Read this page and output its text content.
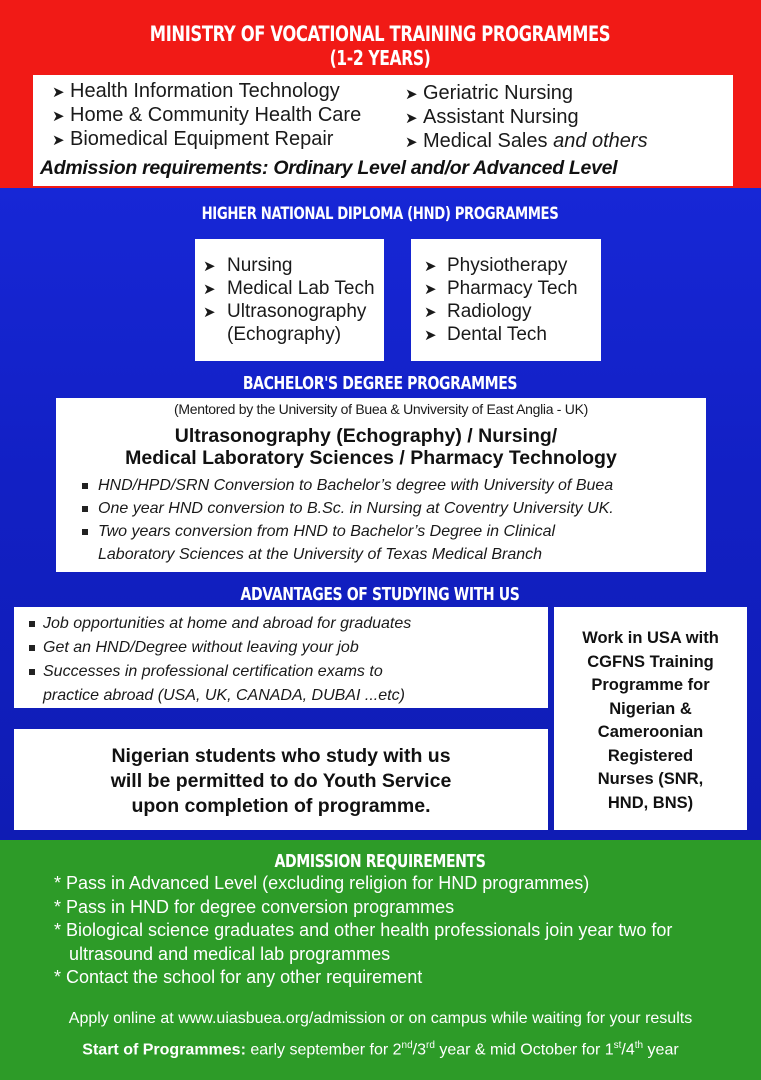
MINISTRY OF VOCATIONAL TRAINING PROGRAMMES
(1-2 YEARS)
➤ Health Information Technology
➤ Home & Community Health Care
➤ Biomedical Equipment Repair
➤ Geriatric Nursing
➤ Assistant Nursing
➤ Medical Sales and others
Admission requirements: Ordinary Level and/or Advanced Level
HIGHER NATIONAL DIPLOMA (HND) PROGRAMMES
➤ Nursing
➤ Medical Lab Tech
➤ Ultrasonography
(Echography)
➤ Physiotherapy
➤ Pharmacy Tech
➤ Radiology
➤ Dental Tech
BACHELOR'S DEGREE PROGRAMMES
(Mentored by the University of Buea & Unviversity of East Anglia - UK)
Ultrasonography (Echography) / Nursing/
Medical Laboratory Sciences / Pharmacy Technology
HND/HPD/SRN Conversion to Bachelor’s degree with University of Buea
One year HND conversion to B.Sc. in Nursing at Coventry University UK.
Two years conversion from HND to Bachelor’s Degree in Clinical
Laboratory Sciences at the University of Texas Medical Branch
ADVANTAGES OF STUDYING WITH US
Job opportunities at home and abroad for graduates
Get an HND/Degree without leaving your job
Successes in professional certification exams to
practice abroad (USA, UK, CANADA, DUBAI ...etc)
Nigerian students who study with us
will be permitted to do Youth Service
upon completion of programme.
Work in USA with
CGFNS Training
Programme for
Nigerian &
Cameroonian
Registered
Nurses (SNR,
HND, BNS)
ADMISSION REQUIREMENTS
* Pass in Advanced Level (excluding religion for HND programmes)
* Pass in HND for degree conversion programmes
* Biological science graduates and other health professionals join year two for
ultrasound and medical lab programmes
* Contact the school for any other requirement
Apply online at www.uiasbuea.org/admission or on campus while waiting for your results
Start of Programmes: early september for 2nd/3rd year & mid October for 1st/4th year
